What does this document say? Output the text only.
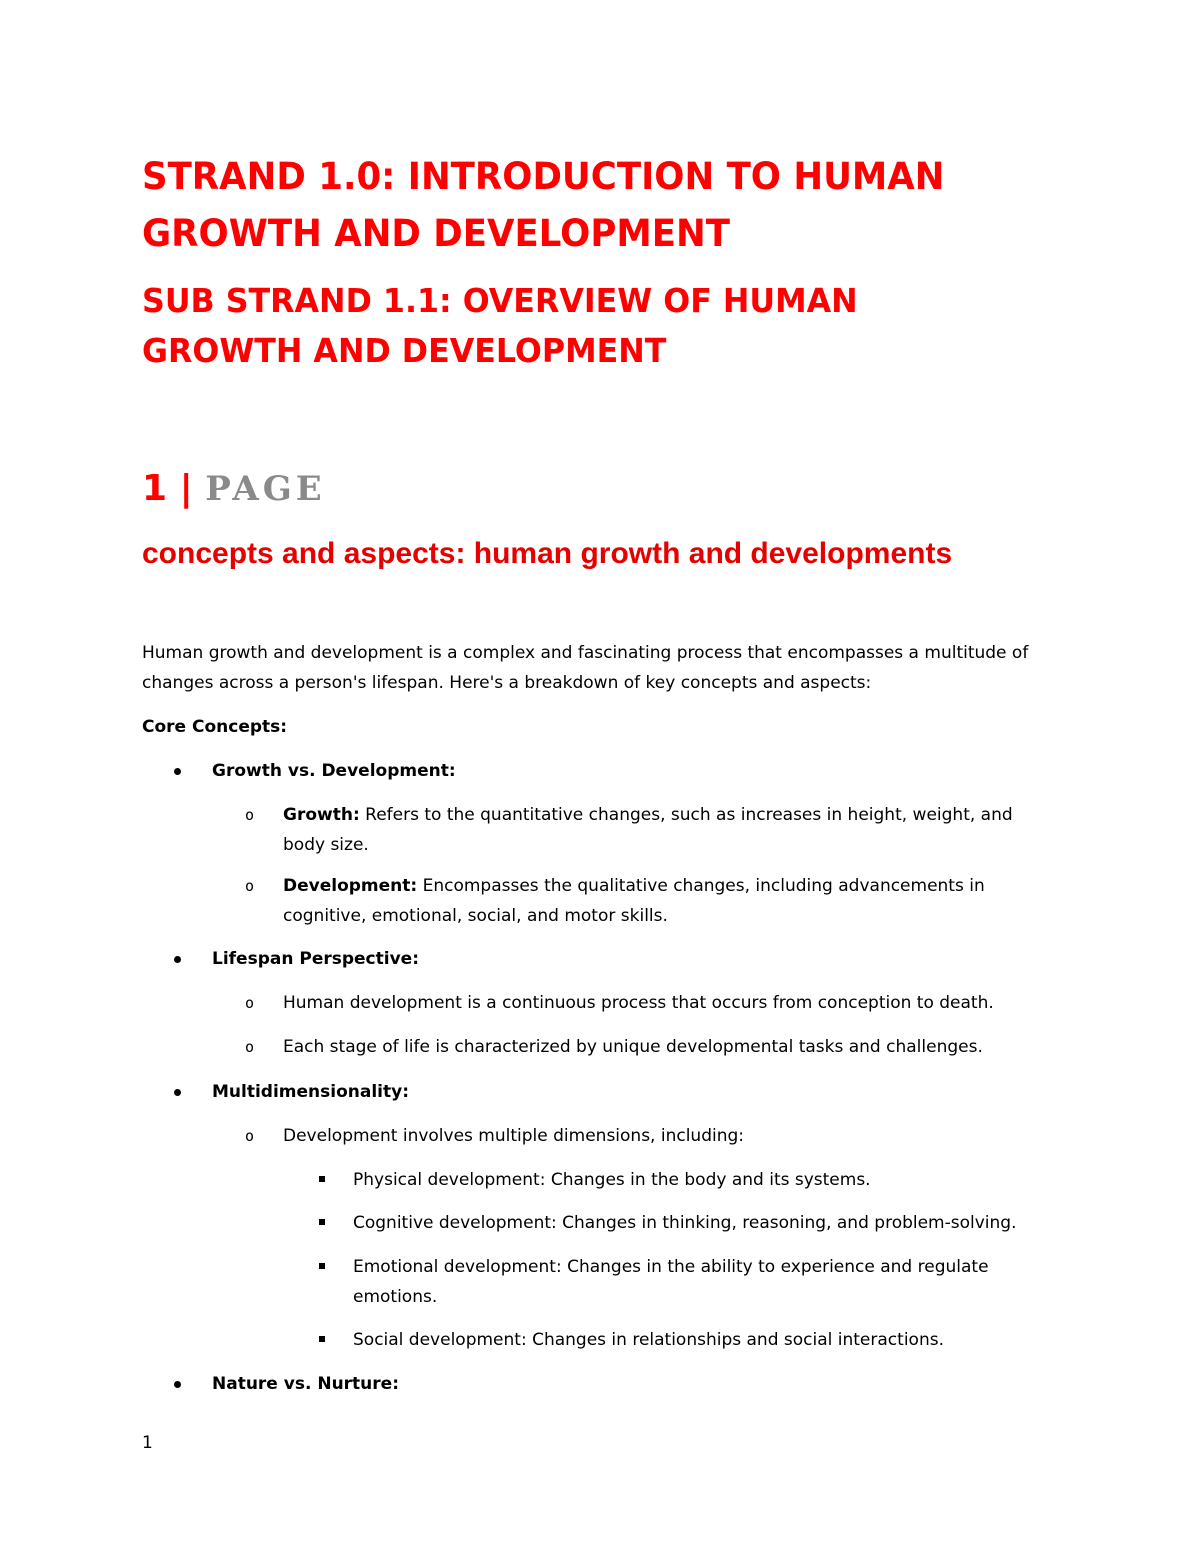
STRAND 1.0: INTRODUCTION TO HUMAN GROWTH AND DEVELOPMENT
SUB STRAND 1.1: OVERVIEW OF HUMAN GROWTH AND DEVELOPMENT
1 | PAGE
concepts and aspects: human growth and developments

Human growth and development is a complex and fascinating process that encompasses a multitude of changes across a person's lifespan. Here's a breakdown of key concepts and aspects:

Core Concepts:

Growth vs. Development:

o Growth: Refers to the quantitative changes, such as increases in height, weight, and body size.

o Development: Encompasses the qualitative changes, including advancements in cognitive, emotional, social, and motor skills.

Lifespan Perspective:

o Human development is a continuous process that occurs from conception to death.

o Each stage of life is characterized by unique developmental tasks and challenges.

Multidimensionality:

o Development involves multiple dimensions, including:

Physical development: Changes in the body and its systems.

Cognitive development: Changes in thinking, reasoning, and problem-solving.

Emotional development: Changes in the ability to experience and regulate emotions.

Social development: Changes in relationships and social interactions.

Nature vs. Nurture:

1
